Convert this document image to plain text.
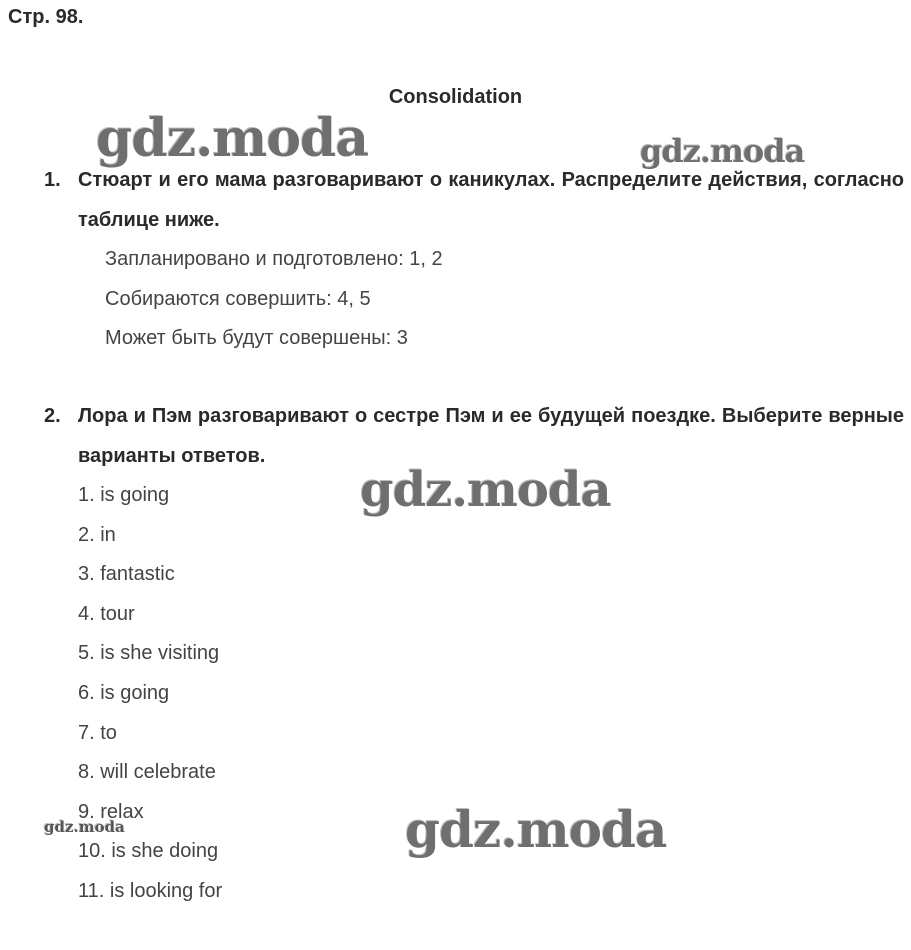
Стр. 98.
Consolidation
1. Стюарт и его мама разговаривают о каникулах. Распределите действия, согласно таблице ниже.
Запланировано и подготовлено: 1, 2
Собираются совершить: 4, 5
Может быть будут совершены: 3
2. Лора и Пэм разговаривают о сестре Пэм и ее будущей поездке. Выберите верные варианты ответов.
1. is going
2. in
3. fantastic
4. tour
5. is she visiting
6. is going
7. to
8. will celebrate
9. relax
10. is she doing
11. is looking for
gdz.moda	gdz.moda
gdz.moda
gdz.moda
gdz.moda
